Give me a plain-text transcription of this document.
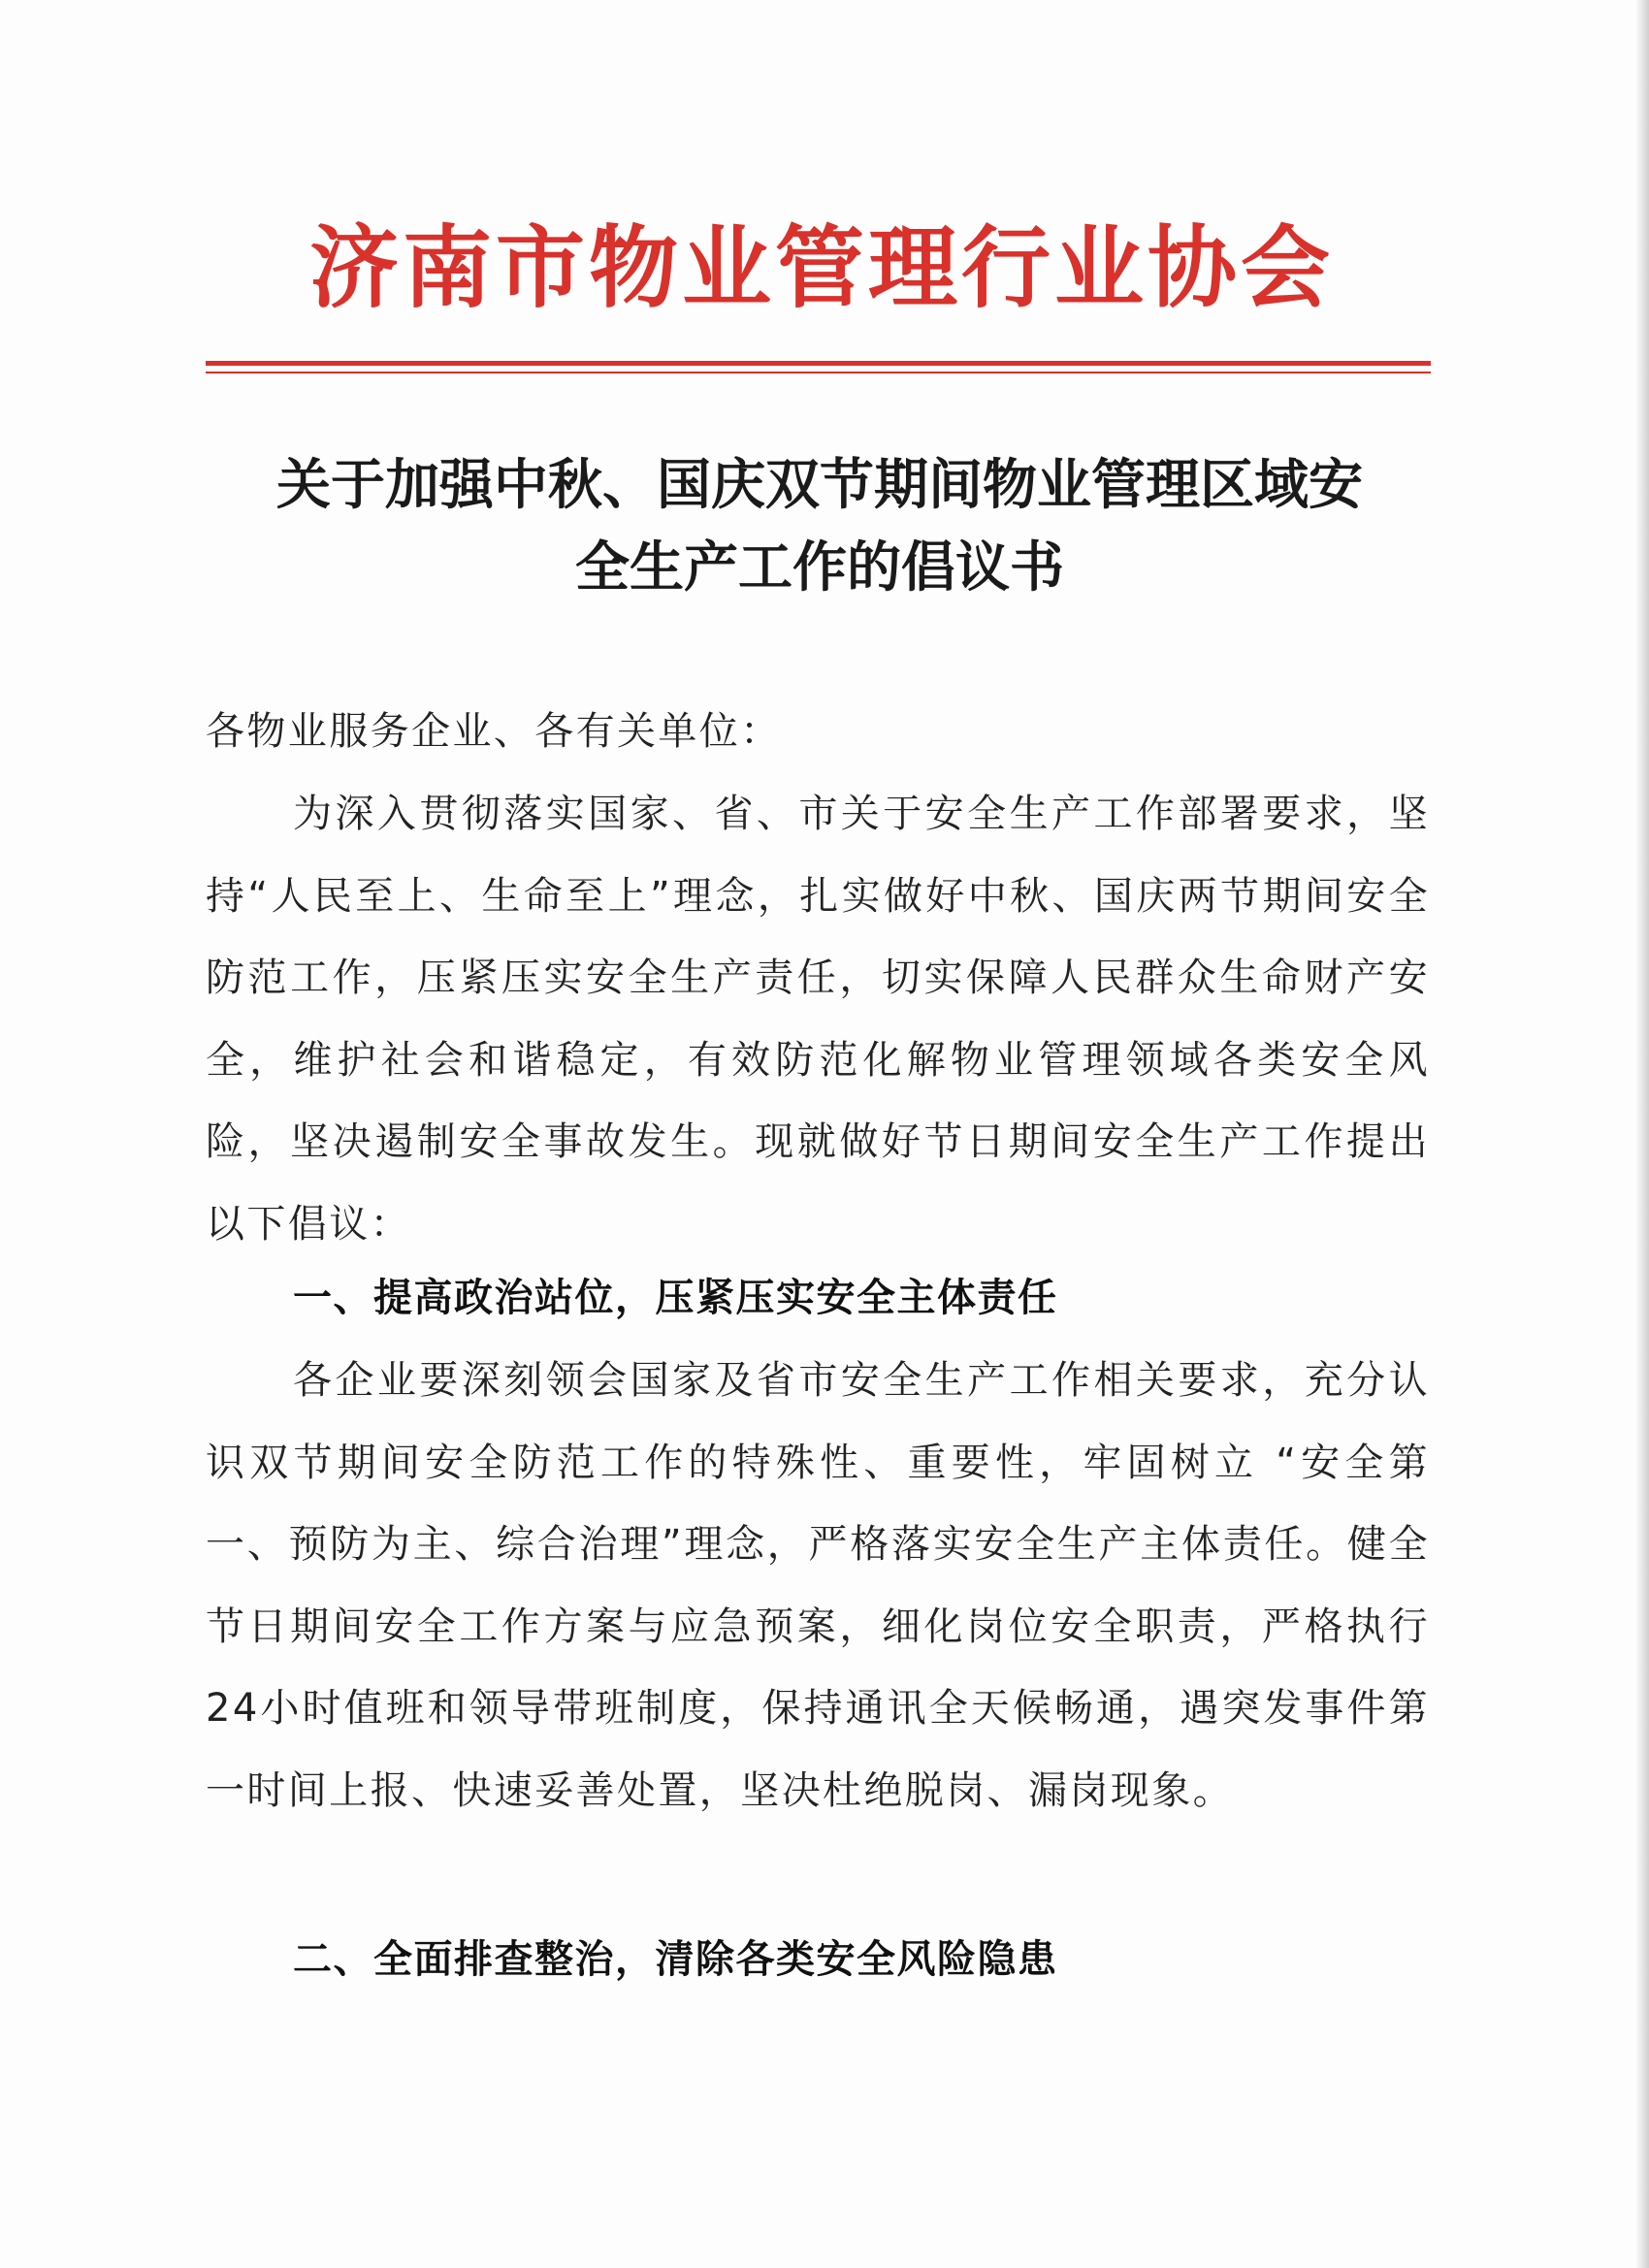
济南市物业管理行业协会
关于加强中秋、国庆双节期间物业管理区域安
全生产工作的倡议书
各物业服务企业、各有关单位：

为深入贯彻落实国家、省、市关于安全生产工作部署要求，坚持“人民至上、生命至上”理念，扎实做好中秋、国庆两节期间安全防范工作，压紧压实安全生产责任，切实保障人民群众生命财产安全，维护社会和谐稳定，有效防范化解物业管理领域各类安全风险，坚决遏制安全事故发生。现就做好节日期间安全生产工作提出以下倡议：

一、提高政治站位，压紧压实安全主体责任

各企业要深刻领会国家及省市安全生产工作相关要求，充分认识双节期间安全防范工作的特殊性、重要性，牢固树立 “安全第一、预防为主、综合治理”理念，严格落实安全生产主体责任。健全节日期间安全工作方案与应急预案，细化岗位安全职责，严格执行24小时值班和领导带班制度，保持通讯全天候畅通，遇突发事件第一时间上报、快速妥善处置，坚决杜绝脱岗、漏岗现象。

二、全面排查整治，清除各类安全风险隐患
